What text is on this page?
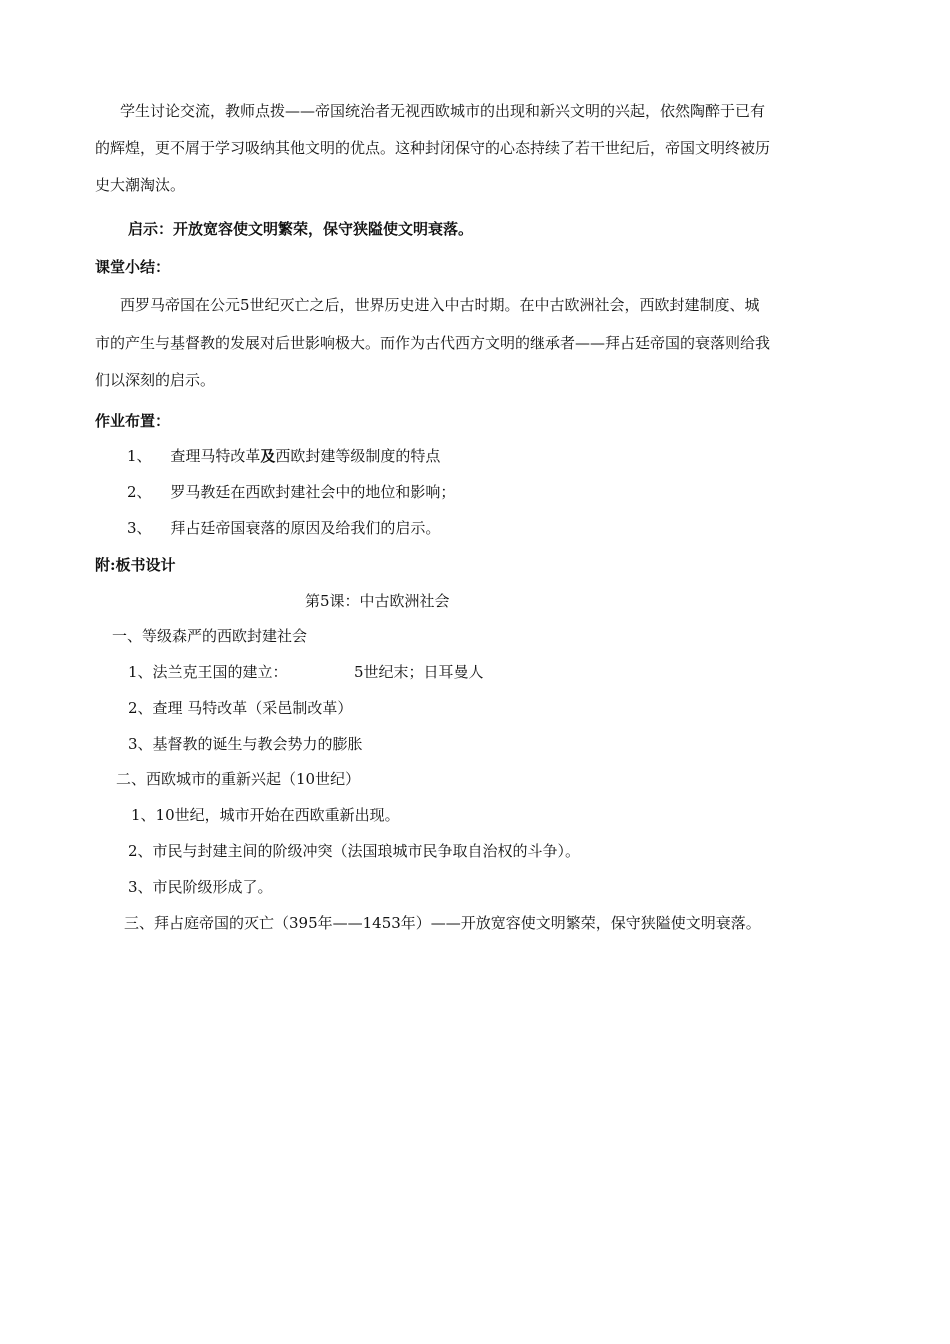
学生讨论交流，教师点拨——帝国统治者无视西欧城市的出现和新兴文明的兴起，依然陶醉于已有
的辉煌，更不屑于学习吸纳其他文明的优点。这种封闭保守的心态持续了若干世纪后，帝国文明终被历
史大潮淘汰。
启示：开放宽容使文明繁荣，保守狭隘使文明衰落。
课堂小结：
西罗马帝国在公元5世纪灭亡之后，世界历史进入中古时期。在中古欧洲社会，西欧封建制度、城
市的产生与基督教的发展对后世影响极大。而作为古代西方文明的继承者——拜占廷帝国的衰落则给我
们以深刻的启示。
作业布置：
1、 查理马特改革及西欧封建等级制度的特点
2、 罗马教廷在西欧封建社会中的地位和影响；
3、 拜占廷帝国衰落的原因及给我们的启示。
附:板书设计
第5课：中古欧洲社会
一、等级森严的西欧封建社会
1、法兰克王国的建立：	5世纪末；日耳曼人
2、查理 马特改革（采邑制改革）
3、基督教的诞生与教会势力的膨胀
二、西欧城市的重新兴起（10世纪）
1、10世纪，城市开始在西欧重新出现。
2、市民与封建主间的阶级冲突（法国琅城市民争取自治权的斗争）。
3、市民阶级形成了。
三、拜占庭帝国的灭亡（395年——1453年）——开放宽容使文明繁荣，保守狭隘使文明衰落。
